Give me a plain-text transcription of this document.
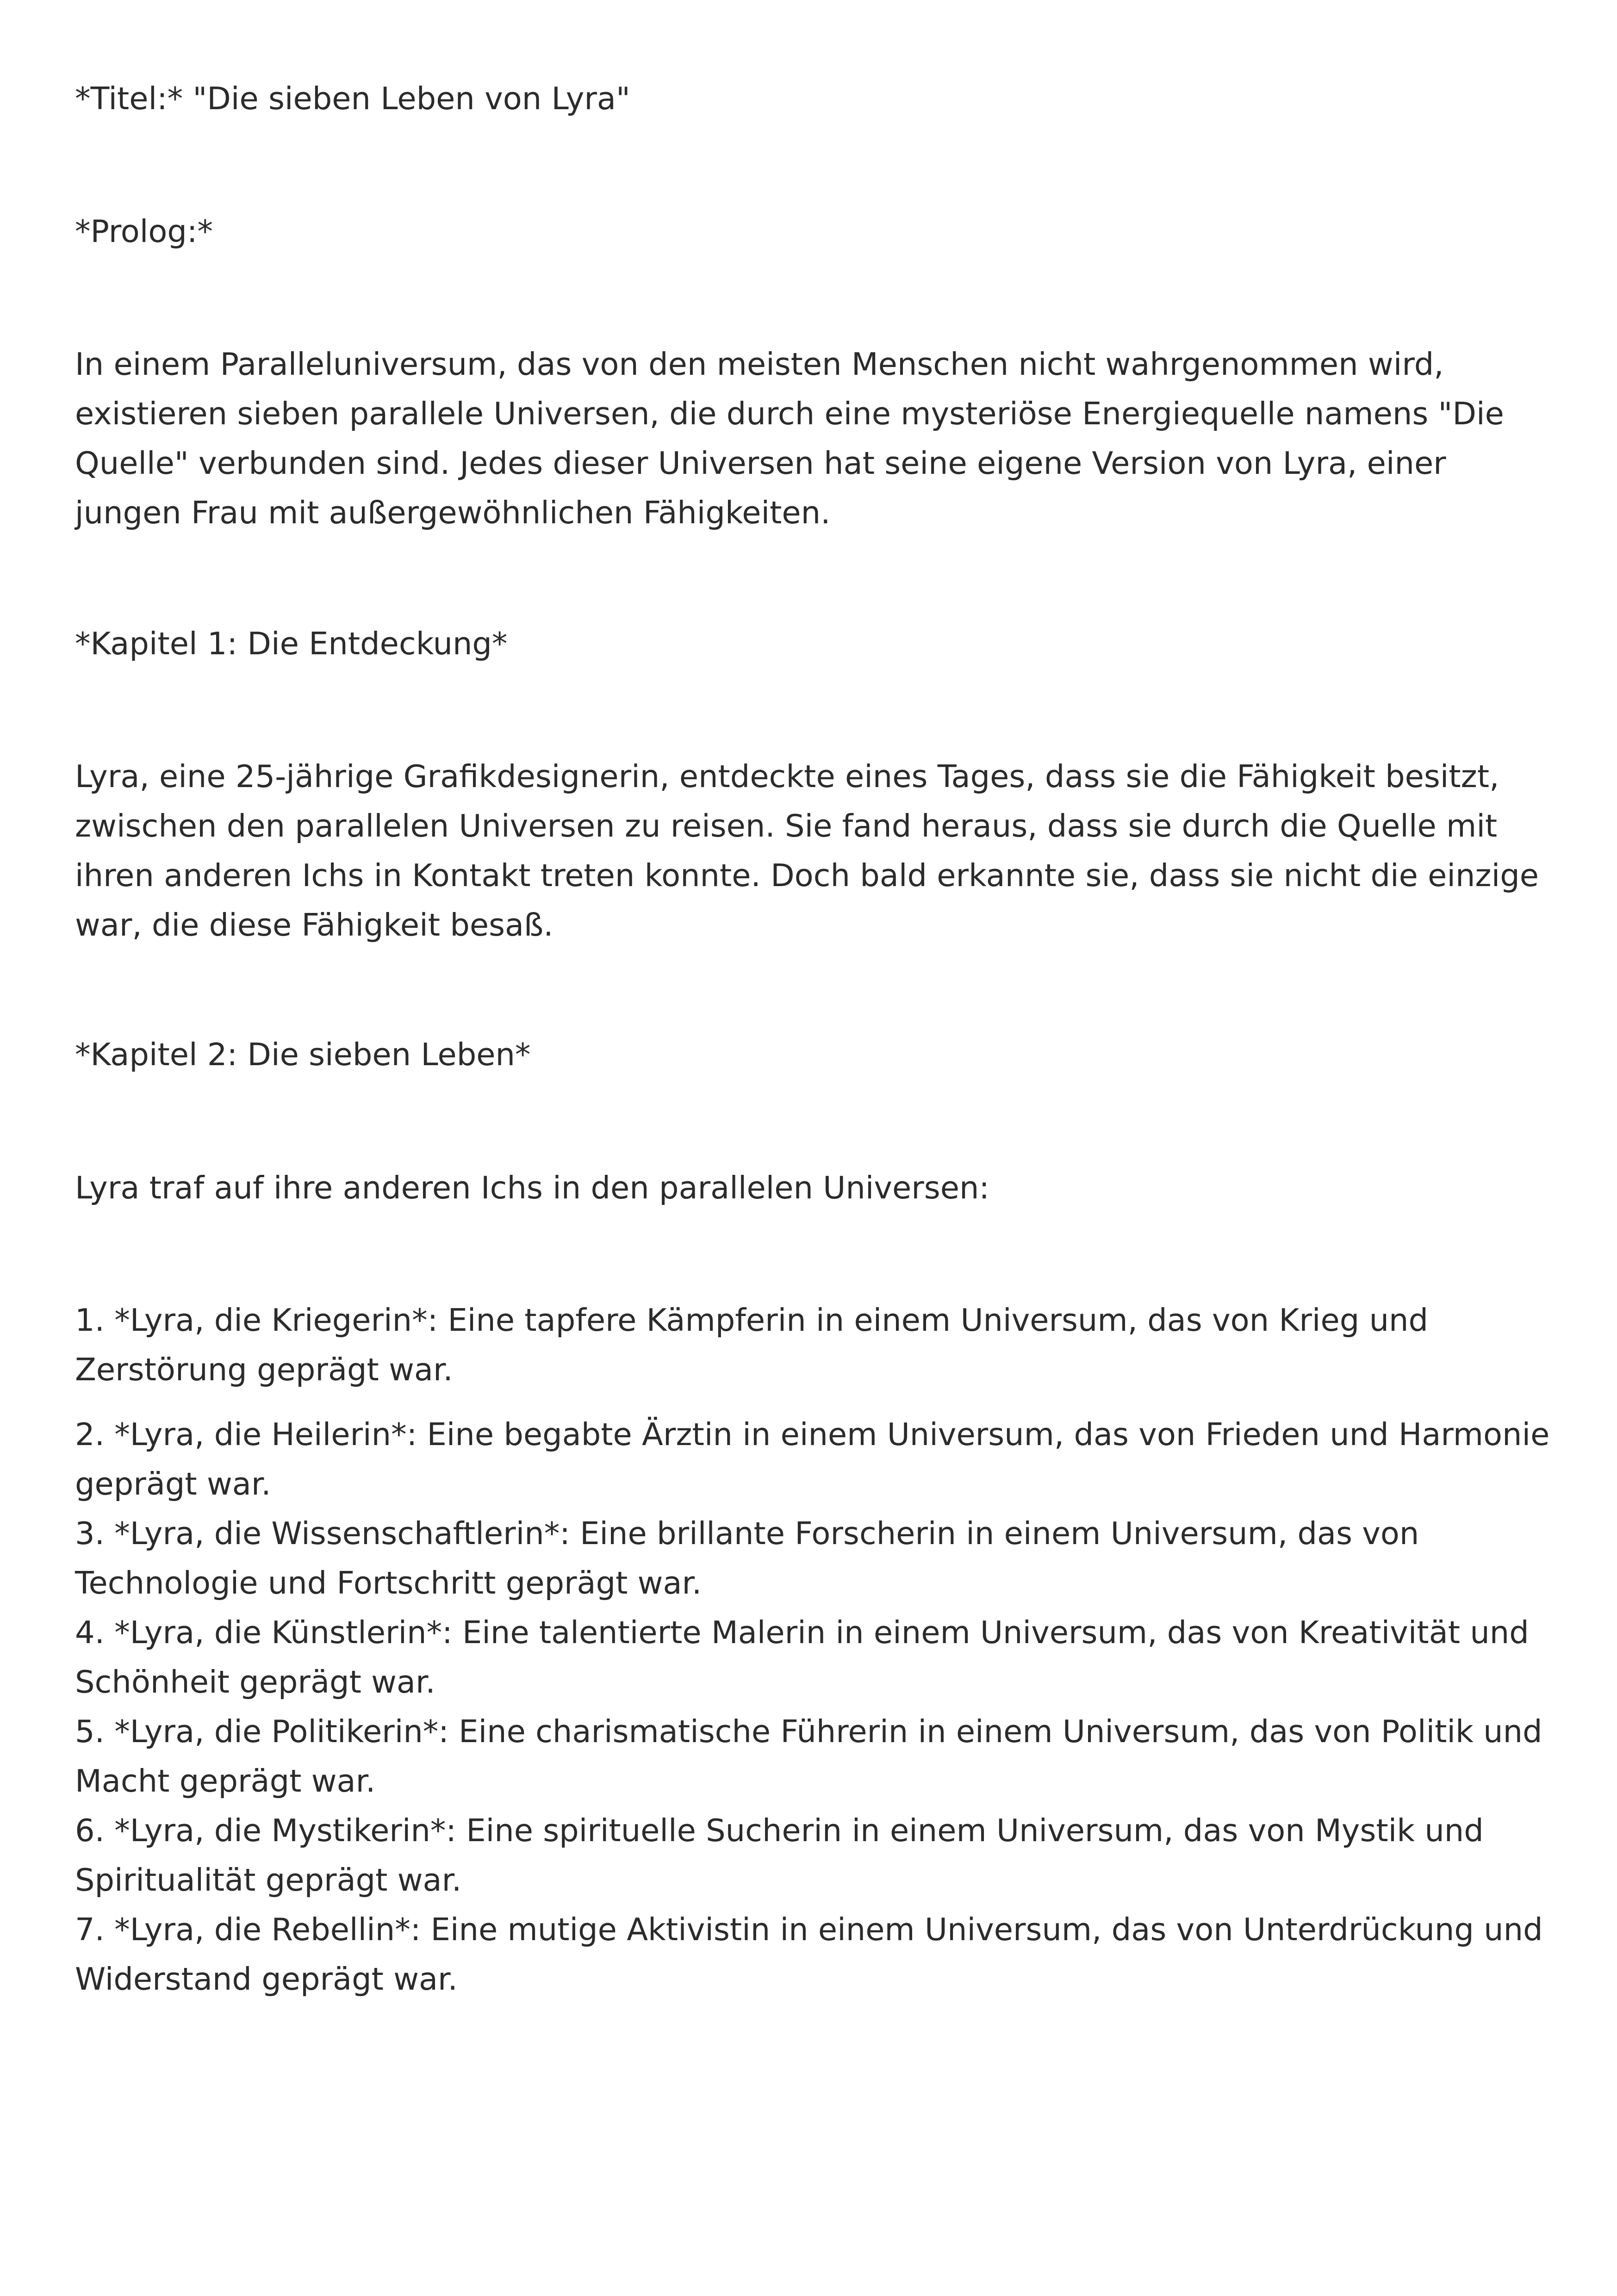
*Titel:* "Die sieben Leben von Lyra"

*Prolog:*

In einem Paralleluniversum, das von den meisten Menschen nicht wahrgenommen wird, existieren sieben parallele Universen, die durch eine mysteriöse Energiequelle namens "Die Quelle" verbunden sind. Jedes dieser Universen hat seine eigene Version von Lyra, einer jungen Frau mit außergewöhnlichen Fähigkeiten.

*Kapitel 1: Die Entdeckung*

Lyra, eine 25-jährige Grafikdesignerin, entdeckte eines Tages, dass sie die Fähigkeit besitzt, zwischen den parallelen Universen zu reisen. Sie fand heraus, dass sie durch die Quelle mit ihren anderen Ichs in Kontakt treten konnte. Doch bald erkannte sie, dass sie nicht die einzige war, die diese Fähigkeit besaß.

*Kapitel 2: Die sieben Leben*

Lyra traf auf ihre anderen Ichs in den parallelen Universen:

1. *Lyra, die Kriegerin*: Eine tapfere Kämpferin in einem Universum, das von Krieg und Zerstörung geprägt war.
2. *Lyra, die Heilerin*: Eine begabte Ärztin in einem Universum, das von Frieden und Harmonie geprägt war.
3. *Lyra, die Wissenschaftlerin*: Eine brillante Forscherin in einem Universum, das von Technologie und Fortschritt geprägt war.
4. *Lyra, die Künstlerin*: Eine talentierte Malerin in einem Universum, das von Kreativität und Schönheit geprägt war.
5. *Lyra, die Politikerin*: Eine charismatische Führerin in einem Universum, das von Politik und Macht geprägt war.
6. *Lyra, die Mystikerin*: Eine spirituelle Sucherin in einem Universum, das von Mystik und Spiritualität geprägt war.
7. *Lyra, die Rebellin*: Eine mutige Aktivistin in einem Universum, das von Unterdrückung und Widerstand geprägt war.
